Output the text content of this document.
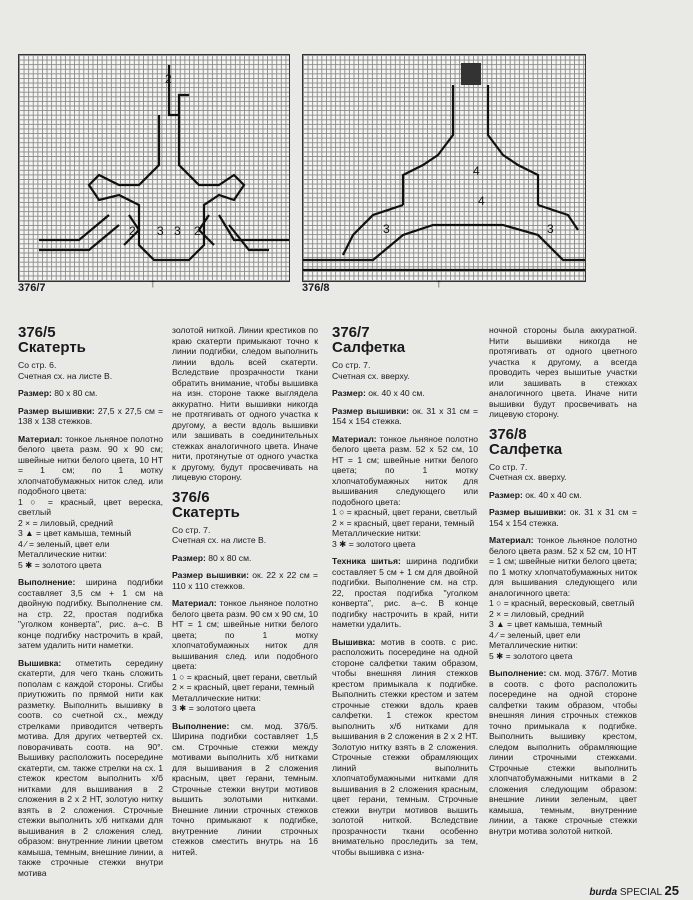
2
3 3
2	2
376/7	↑
3
4
4
3
376/8	↑
376/5
Скатерть

Со стр. 6.
Счетная сх. на листе В.

Размер: 80 х 80 см.

Размер вышивки: 27,5 х 27,5 см = 138 х 138 стежков.

Материал: тонкое льняное полотно белого цвета разм. 90 х 90 см; швейные нитки белого цвета, 10 НТ = 1 см; по 1 мотку хлопчатобумажных ниток след. или подобного цвета:
1 ○ = красный, цвет вереска, светлый
2 × = лиловый, средний
3 ▲ = цвет камыша, темный
4 ⁄ = зеленый, цвет ели
Металлические нитки:
5 ✱ = золотого цвета

Выполнение: ширина подгибки составляет 3,5 см + 1 см на двойную подгибку. Выполнение см. на стр. 22, простая подгибка "уголком конверта", рис. а–с. В конце подгибку настрочить в край, затем удалить нити наметки.

Вышивка: отметить середину скатерти, для чего ткань сложить пополам с каждой стороны. Сгибы приутюжить по прямой нити как разметку. Выполнить вышивку в соотв. со счетной сх., между стрелками приводится четверть мотива. Для других четвертей сх. поворачивать соотв. на 90°. Вышивку расположить посередине скатерти, см. также стрелки на сх. 1 стежок крестом выполнить х/б нитками для вышивания в 2 сложения в 2 х 2 НТ, золотую нитку взять в 2 сложения. Строчные стежки выполнить х/б нитками для вышивания в 2 сложения след. образом: внутренние линии цветом камыша, темным, внешние линии, а также строчные стежки внутри мотива

золотой ниткой. Линии крестиков по краю скатерти примыкают точно к линии подгибки, следом выполнить линии вдоль всей скатерти. Вследствие прозрачности ткани обратить внимание, чтобы вышивка на изн. стороне также выглядела аккуратно. Нити вышивки никогда не протягивать от одного участка к другому, а вести вдоль вышивки или зашивать в соединительных стежках аналогичного цвета. Иначе нити, протянутые от одного участка к другому, будут просвечивать на лицевую сторону.

376/6
Скатерть

Со стр. 7.
Счетная сх. на листе В.

Размер: 80 х 80 см.

Размер вышивки: ок. 22 х 22 см = 110 х 110 стежков.

Материал: тонкое льняное полотно белого цвета разм. 90 см х 90 см, 10 НТ = 1 см; швейные нитки белого цвета; по 1 мотку хлопчатобумажных ниток для вышивания след. или подобного цвета:
1 ○ = красный, цвет герани, светлый
2 × = красный, цвет герани, темный
Металлические нитки:
3 ✱ = золотого цвета

Выполнение: см. мод. 376/5. Ширина подгибки составляет 1,5 см. Строчные стежки между мотивами выполнить х/б нитками для вышивания в 2 сложения красным, цвет герани, темным. Строчные стежки внутри мотивов вышить золотыми нитками. Внешние линии строчных стежков точно примыкают к подгибке, внутренние линии строчных стежков сместить внутрь на 16 нитей.

376/7
Салфетка

Со стр. 7.
Счетная сх. вверху.

Размер: ок. 40 х 40 см.

Размер вышивки: ок. 31 х 31 см = 154 х 154 стежка.

Материал: тонкое льняное полотно белого цвета разм. 52 х 52 см, 10 НТ = 1 см; швейные нитки белого цвета; по 1 мотку хлопчатобумажных ниток для вышивания следующего или подобного цвета:
1 ○ = красный, цвет герани, светлый
2 × = красный, цвет герани, темный
Металлические нитки:
3 ✱ = золотого цвета

Техника шитья: ширина подгибки составляет 5 см + 1 см для двойной подгибки. Выполнение см. на стр. 22, простая подгибка "уголком конверта", рис. а–с. В конце подгибку настрочить в край, нити наметки удалить.

Вышивка: мотив в соотв. с рис. расположить посередине на одной стороне салфетки таким образом, чтобы внешняя линия стежков крестом примыкала к подгибке. Выполнить стежки крестом и затем строчные стежки вдоль краев салфетки. 1 стежок крестом выполнить х/б нитками для вышивания в 2 сложения в 2 х 2 НТ. Золотую нитку взять в 2 сложения. Строчные стежки обрамляющих линий выполнить хлопчатобумажными нитками для вышивания в 2 сложения красным, цвет герани, темным. Строчные стежки внутри мотивов вышить золотой ниткой. Вследствие прозрачности ткани особенно внимательно проследить за тем, чтобы вышивка с изна-

ночной стороны была аккуратной. Нити вышивки никогда не протягивать от одного цветного участка к другому, а всегда проводить через вышитые участки или зашивать в стежках аналогичного цвета. Иначе нити вышивки будут просвечивать на лицевую сторону.

376/8
Салфетка

Со стр. 7.
Счетная сх. вверху.

Размер: ок. 40 х 40 см.

Размер вышивки: ок. 31 х 31 см = 154 х 154 стежка.

Материал: тонкое льняное полотно белого цвета разм. 52 х 52 см, 10 НТ = 1 см; швейные нитки белого цвета; по 1 мотку хлопчатобумажных ниток для вышивания следующего или аналогичного цвета:
1 ○ = красный, вересковый, светлый
2 × = лиловый, средний
3 ▲ = цвет камыша, темный
4 ⁄ = зеленый, цвет ели
Металлические нитки:
5 ✱ = золотого цвета

Выполнение: см. мод. 376/7. Мотив в соотв. с фото расположить посередине на одной стороне салфетки таким образом, чтобы внешняя линия строчных стежков точно примыкала к подгибке. Выполнить вышивку крестом, следом выполнить обрамляющие линии строчными стежками. Строчные стежки выполнить хлопчатобумажными нитками в 2 сложения следующим образом: внешние линии зеленым, цвет камыша, темным, внутренние линии, а также строчные стежки внутри мотива золотой ниткой.

burda SPECIAL 25
